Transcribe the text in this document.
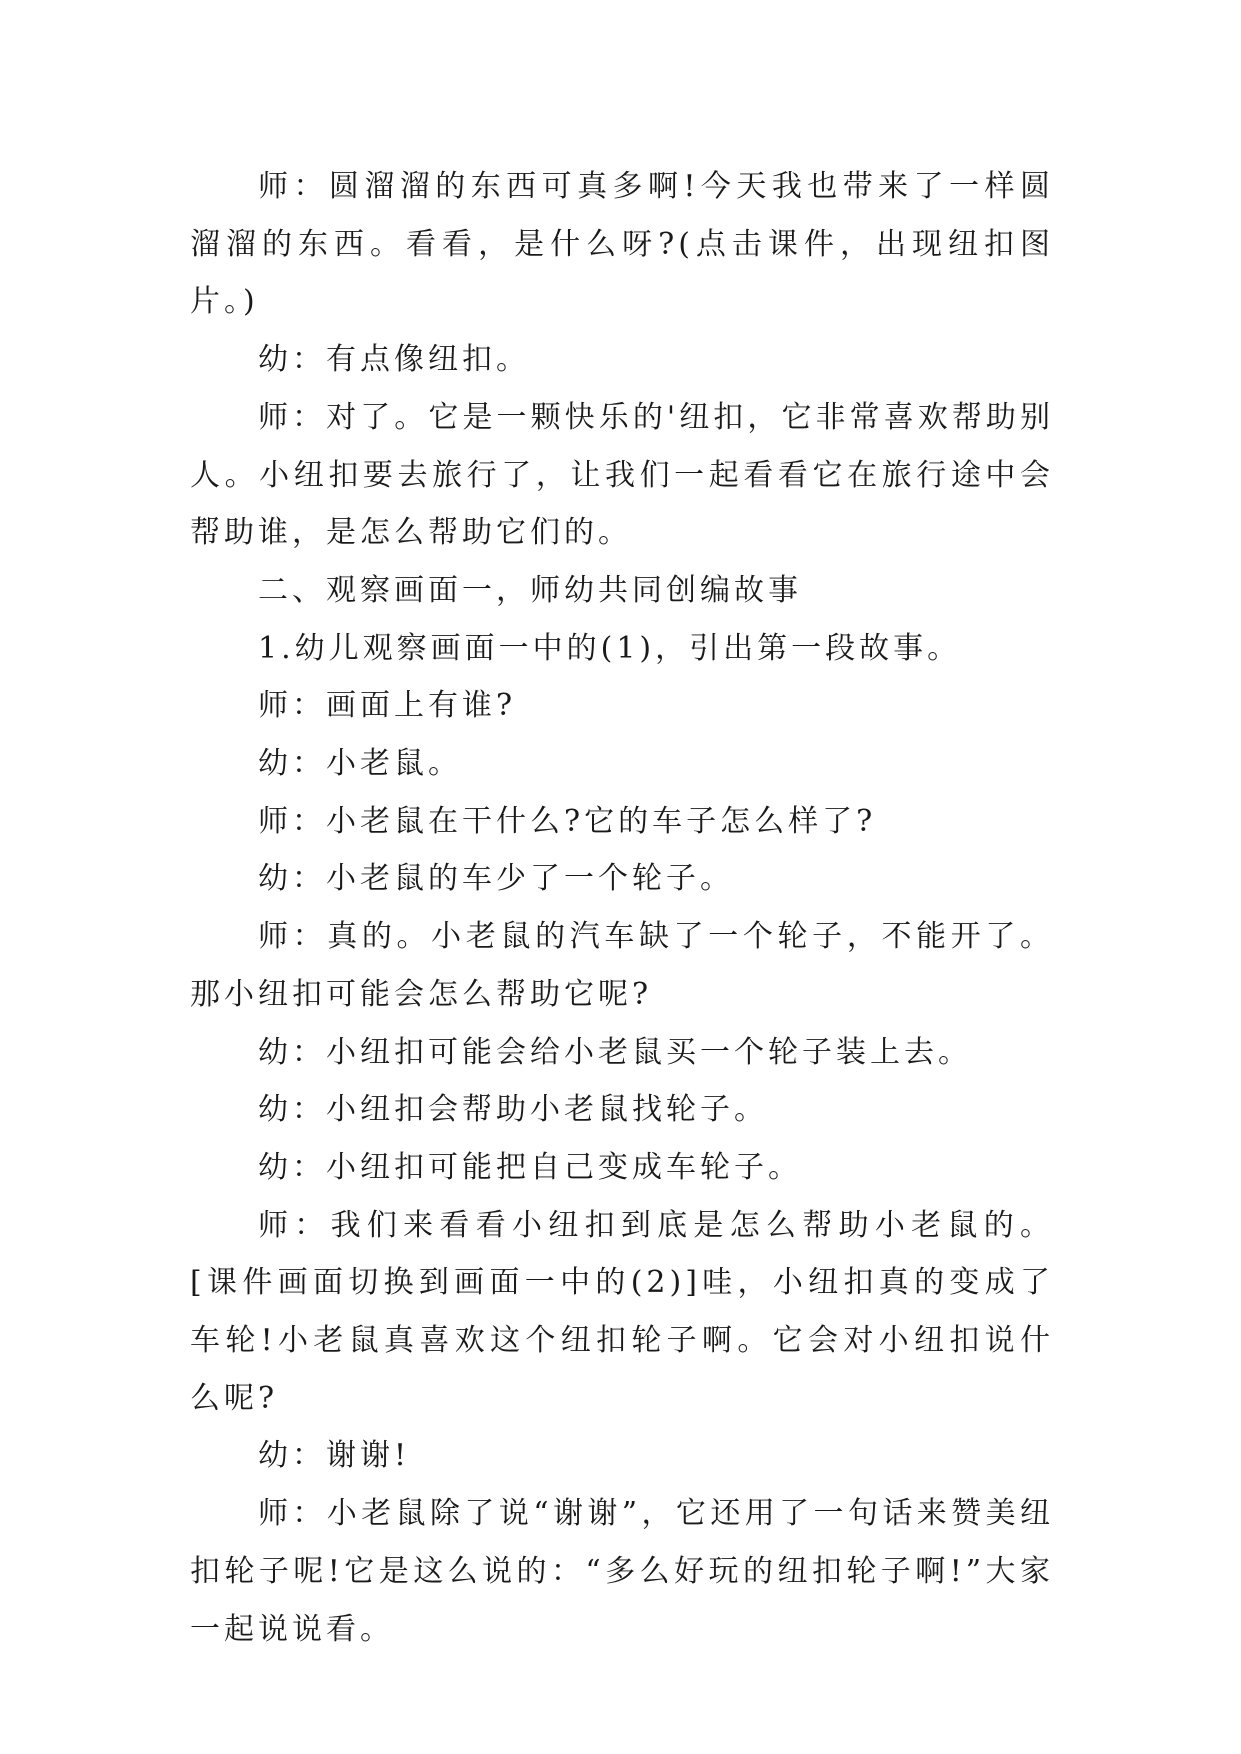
师：圆溜溜的东西可真多啊!今天我也带来了一样圆溜溜的东西。看看，是什么呀?(点击课件，出现纽扣图片。)

幼：有点像纽扣。

师：对了。它是一颗快乐的'纽扣，它非常喜欢帮助别人。小纽扣要去旅行了，让我们一起看看它在旅行途中会帮助谁，是怎么帮助它们的。

二、观察画面一，师幼共同创编故事

1.幼儿观察画面一中的(1)，引出第一段故事。

师：画面上有谁?

幼：小老鼠。

师：小老鼠在干什么?它的车子怎么样了?

幼：小老鼠的车少了一个轮子。

师：真的。小老鼠的汽车缺了一个轮子，不能开了。那小纽扣可能会怎么帮助它呢?

幼：小纽扣可能会给小老鼠买一个轮子装上去。

幼：小纽扣会帮助小老鼠找轮子。

幼：小纽扣可能把自己变成车轮子。

师：我们来看看小纽扣到底是怎么帮助小老鼠的。[课件画面切换到画面一中的(2)]哇，小纽扣真的变成了车轮!小老鼠真喜欢这个纽扣轮子啊。它会对小纽扣说什么呢?

幼：谢谢!

师：小老鼠除了说“谢谢”，它还用了一句话来赞美纽扣轮子呢!它是这么说的：“多么好玩的纽扣轮子啊!”大家一起说说看。
